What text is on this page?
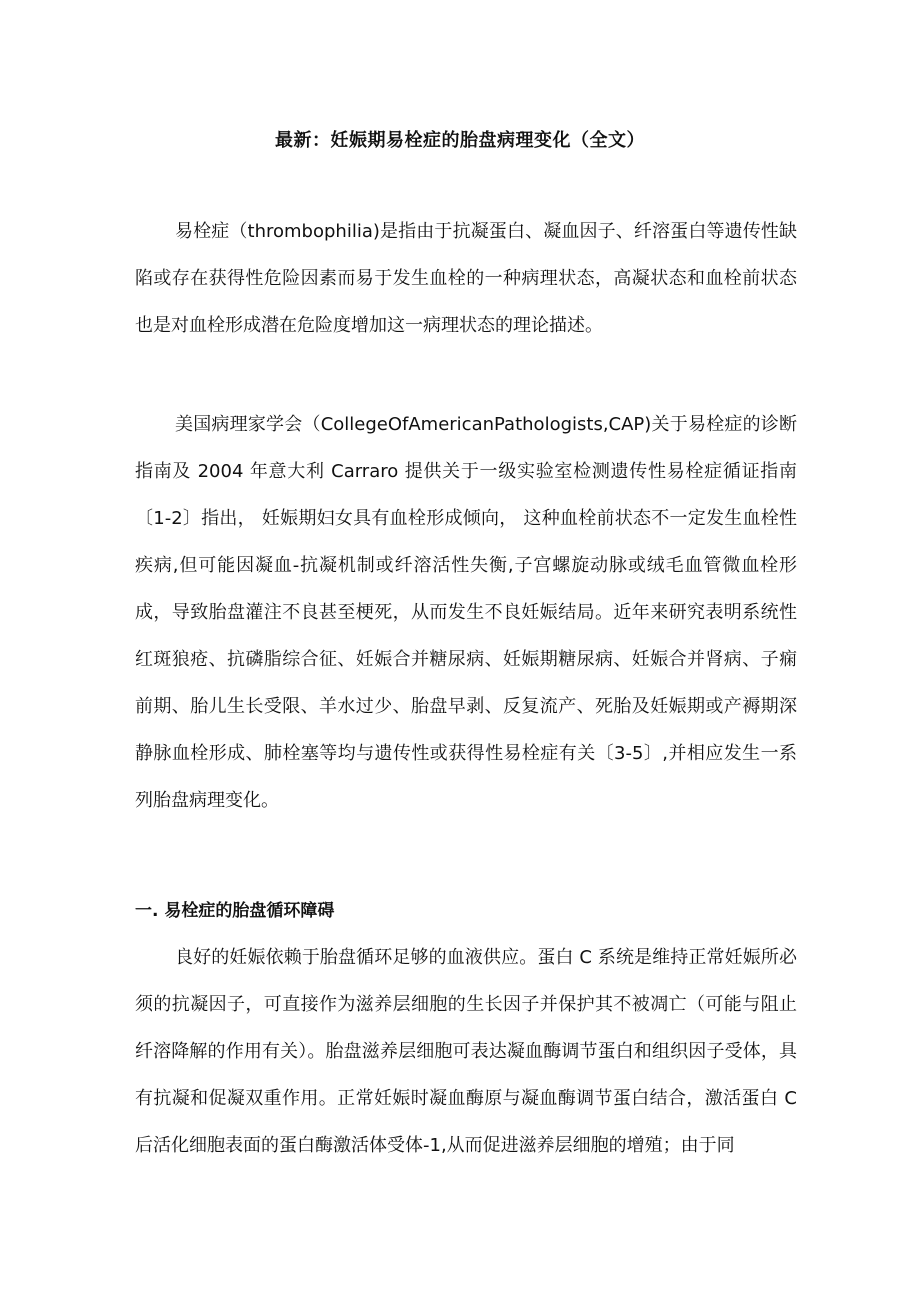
最新：妊娠期易栓症的胎盘病理变化（全文）

易栓症（thrombophilia)是指由于抗凝蛋白、凝血因子、纤溶蛋白等遗传性缺陷或存在获得性危险因素而易于发生血栓的一种病理状态，高凝状态和血栓前状态也是对血栓形成潜在危险度增加这一病理状态的理论描述。

美国病理家学会（CollegeOfAmericanPathologists,CAP)关于易栓症的诊断指南及 2004 年意大利 Carraro 提供关于一级实验室检测遗传性易栓症循证指南〔1-2〕指出， 妊娠期妇女具有血栓形成倾向， 这种血栓前状态不一定发生血栓性疾病,但可能因凝血-抗凝机制或纤溶活性失衡,子宫螺旋动脉或绒毛血管微血栓形成，导致胎盘灌注不良甚至梗死，从而发生不良妊娠结局。近年来研究表明系统性红斑狼疮、抗磷脂综合征、妊娠合并糖尿病、妊娠期糖尿病、妊娠合并肾病、子痫前期、胎儿生长受限、羊水过少、胎盘早剥、反复流产、死胎及妊娠期或产褥期深静脉血栓形成、肺栓塞等均与遗传性或获得性易栓症有关〔3-5〕,并相应发生一系列胎盘病理变化。

一. 易栓症的胎盘循环障碍

良好的妊娠依赖于胎盘循环足够的血液供应。蛋白 C 系统是维持正常妊娠所必须的抗凝因子，可直接作为滋养层细胞的生长因子并保护其不被凋亡（可能与阻止纤溶降解的作用有关）。胎盘滋养层细胞可表达凝血酶调节蛋白和组织因子受体，具有抗凝和促凝双重作用。正常妊娠时凝血酶原与凝血酶调节蛋白结合，激活蛋白 C 后活化细胞表面的蛋白酶激活体受体-1,从而促进滋养层细胞的增殖；由于同
